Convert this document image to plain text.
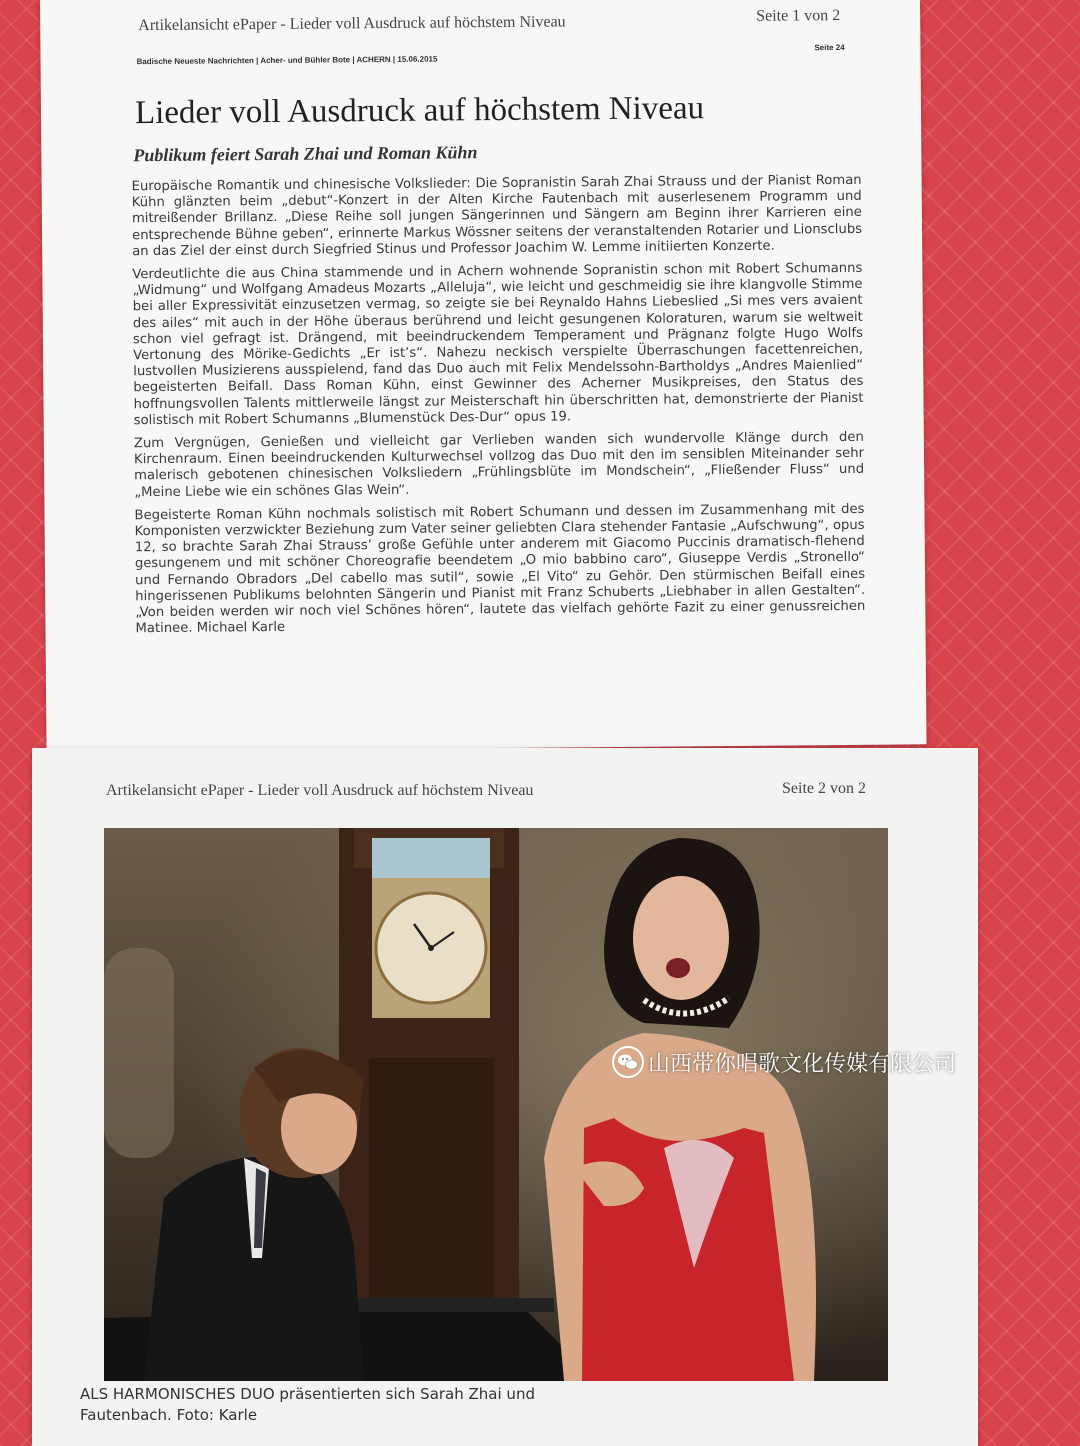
Artikelansicht ePaper - Lieder voll Ausdruck auf höchstem Niveau	Seite 1 von 2
Badische Neueste Nachrichten | Acher- und Bühler Bote | ACHERN | 15.06.2015
Seite 24
Lieder voll Ausdruck auf höchstem Niveau
Publikum feiert Sarah Zhai und Roman Kühn

Europäische Romantik und chinesische Volkslieder: Die Sopranistin Sarah Zhai Strauss und der Pianist Roman Kühn glänzten beim „debut“-Konzert in der Alten Kirche Fautenbach mit auserlesenem Programm und mitreißender Brillanz. „Diese Reihe soll jungen Sängerinnen und Sängern am Beginn ihrer Karrieren eine entsprechende Bühne geben“, erinnerte Markus Wössner seitens der veranstaltenden Rotarier und Lionsclubs an das Ziel der einst durch Siegfried Stinus und Professor Joachim W. Lemme initiierten Konzerte.

Verdeutlichte die aus China stammende und in Achern wohnende Sopranistin schon mit Robert Schumanns „Widmung“ und Wolfgang Amadeus Mozarts „Alleluja“, wie leicht und geschmeidig sie ihre klangvolle Stimme bei aller Expressivität einzusetzen vermag, so zeigte sie bei Reynaldo Hahns Liebeslied „Si mes vers avaient des ailes“ mit auch in der Höhe überaus berührend und leicht gesungenen Koloraturen, warum sie weltweit schon viel gefragt ist. Drängend, mit beeindruckendem Temperament und Prägnanz folgte Hugo Wolfs Vertonung des Mörike-Gedichts „Er ist’s“. Nahezu neckisch verspielte Überraschungen facettenreichen, lustvollen Musizierens ausspielend, fand das Duo auch mit Felix Mendelssohn-Bartholdys „Andres Maienlied“ begeisterten Beifall. Dass Roman Kühn, einst Gewinner des Acherner Musikpreises, den Status des hoffnungsvollen Talents mittlerweile längst zur Meisterschaft hin überschritten hat, demonstrierte der Pianist solistisch mit Robert Schumanns „Blumenstück Des-Dur“ opus 19.

Zum Vergnügen, Genießen und vielleicht gar Verlieben wanden sich wundervolle Klänge durch den Kirchenraum. Einen beeindruckenden Kulturwechsel vollzog das Duo mit den im sensiblen Miteinander sehr malerisch gebotenen chinesischen Volksliedern „Frühlingsblüte im Mondschein“, „Fließender Fluss“ und „Meine Liebe wie ein schönes Glas Wein“.

Begeisterte Roman Kühn nochmals solistisch mit Robert Schumann und dessen im Zusammenhang mit des Komponisten verzwickter Beziehung zum Vater seiner geliebten Clara stehender Fantasie „Aufschwung“, opus 12, so brachte Sarah Zhai Strauss’ große Gefühle unter anderem mit Giacomo Puccinis dramatisch-flehend gesungenem und mit schöner Choreografie beendetem „O mio babbino caro“, Giuseppe Verdis „Stronello“ und Fernando Obradors „Del cabello mas sutil“, sowie „El Vito“ zu Gehör. Den stürmischen Beifall eines hingerissenen Publikums belohnten Sängerin und Pianist mit Franz Schuberts „Liebhaber in allen Gestalten“. „Von beiden werden wir noch viel Schönes hören“, lautete das vielfach gehörte Fazit zu einer genussreichen Matinee. Michael Karle

Artikelansicht ePaper - Lieder voll Ausdruck auf höchstem Niveau	Seite 2 von 2
ALS HARMONISCHES DUO präsentierten sich Sarah Zhai und
Fautenbach. Foto: Karle
山西带你唱歌文化传媒有限公司
